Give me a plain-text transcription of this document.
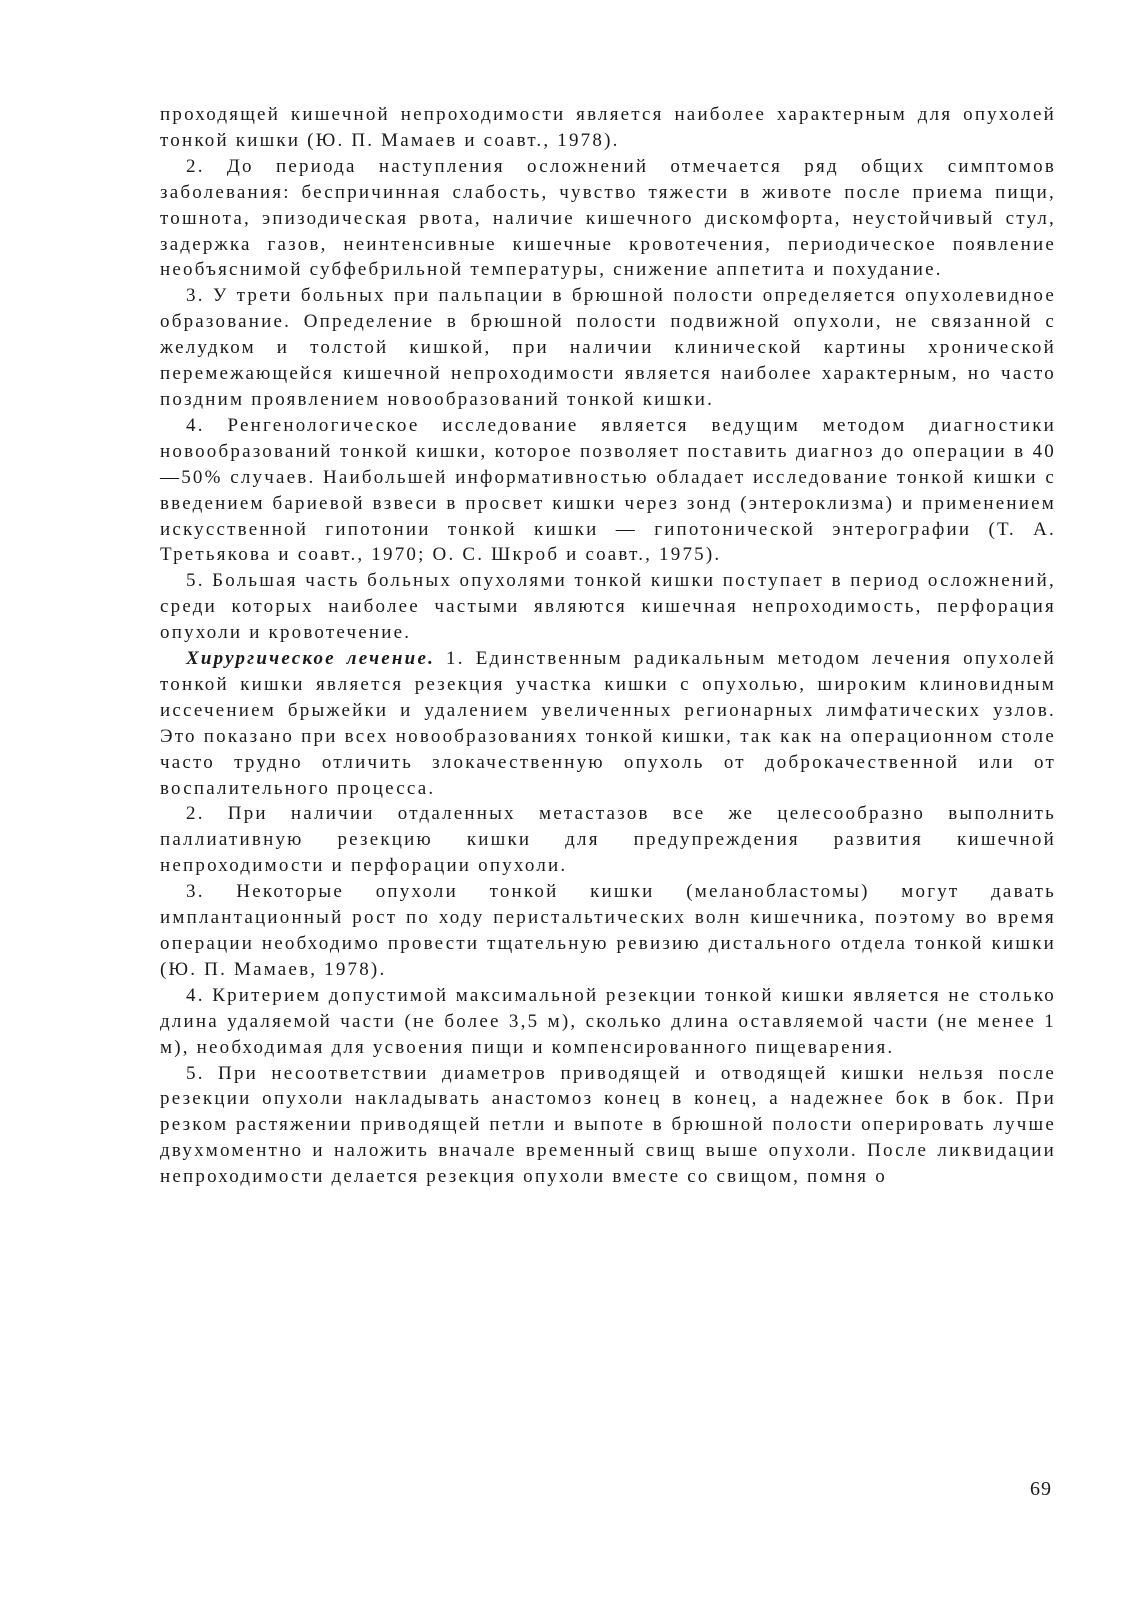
проходящей кишечной непроходимости является наиболее характерным для опухолей тонкой кишки (Ю. П. Мамаев и соавт., 1978).

2. До периода наступления осложнений отмечается ряд общих симптомов заболевания: беспричинная слабость, чувство тяжести в животе после приема пищи, тошнота, эпизодическая рвота, наличие кишечного дискомфорта, неустойчивый стул, задержка газов, неинтенсивные кишечные кровотечения, периодическое появление необъяснимой субфебрильной температуры, снижение аппетита и похудание.

3. У трети больных при пальпации в брюшной полости определяется опухолевидное образование. Определение в брюшной полости подвижной опухоли, не связанной с желудком и толстой кишкой, при наличии клинической картины хронической перемежающейся кишечной непроходимости является наиболее характерным, но часто поздним проявлением новообразований тонкой кишки.

4. Ренгенологическое исследование является ведущим методом диагностики новообразований тонкой кишки, которое позволяет поставить диагноз до операции в 40—50% случаев. Наибольшей информативностью обладает исследование тонкой кишки с введением бариевой взвеси в просвет кишки через зонд (энтероклизма) и применением искусственной гипотонии тонкой кишки — гипотонической энтерографии (Т. А. Третьякова и соавт., 1970; О. С. Шкроб и соавт., 1975).

5. Большая часть больных опухолями тонкой кишки поступает в период осложнений, среди которых наиболее частыми являются кишечная непроходимость, перфорация опухоли и кровотечение.

Хирургическое лечение. 1. Единственным радикальным методом лечения опухолей тонкой кишки является резекция участка кишки с опухолью, широким клиновидным иссечением брыжейки и удалением увеличенных регионарных лимфатических узлов. Это показано при всех новообразованиях тонкой кишки, так как на операционном столе часто трудно отличить злокачественную опухоль от доброкачественной или от воспалительного процесса.

2. При наличии отдаленных метастазов все же целесообразно выполнить паллиативную резекцию кишки для предупреждения развития кишечной непроходимости и перфорации опухоли.

3. Некоторые опухоли тонкой кишки (меланобластомы) могут давать имплантационный рост по ходу перистальтических волн кишечника, поэтому во время операции необходимо провести тщательную ревизию дистального отдела тонкой кишки (Ю. П. Мамаев, 1978).

4. Критерием допустимой максимальной резекции тонкой кишки является не столько длина удаляемой части (не более 3,5 м), сколько длина оставляемой части (не менее 1 м), необходимая для усвоения пищи и компенсированного пищеварения.

5. При несоответствии диаметров приводящей и отводящей кишки нельзя после резекции опухоли накладывать анастомоз конец в конец, а надежнее бок в бок. При резком растяжении приводящей петли и выпоте в брюшной полости оперировать лучше двухмоментно и наложить вначале временный свищ выше опухоли. После ликвидации непроходимости делается резекция опухоли вместе со свищом, помня о

69
